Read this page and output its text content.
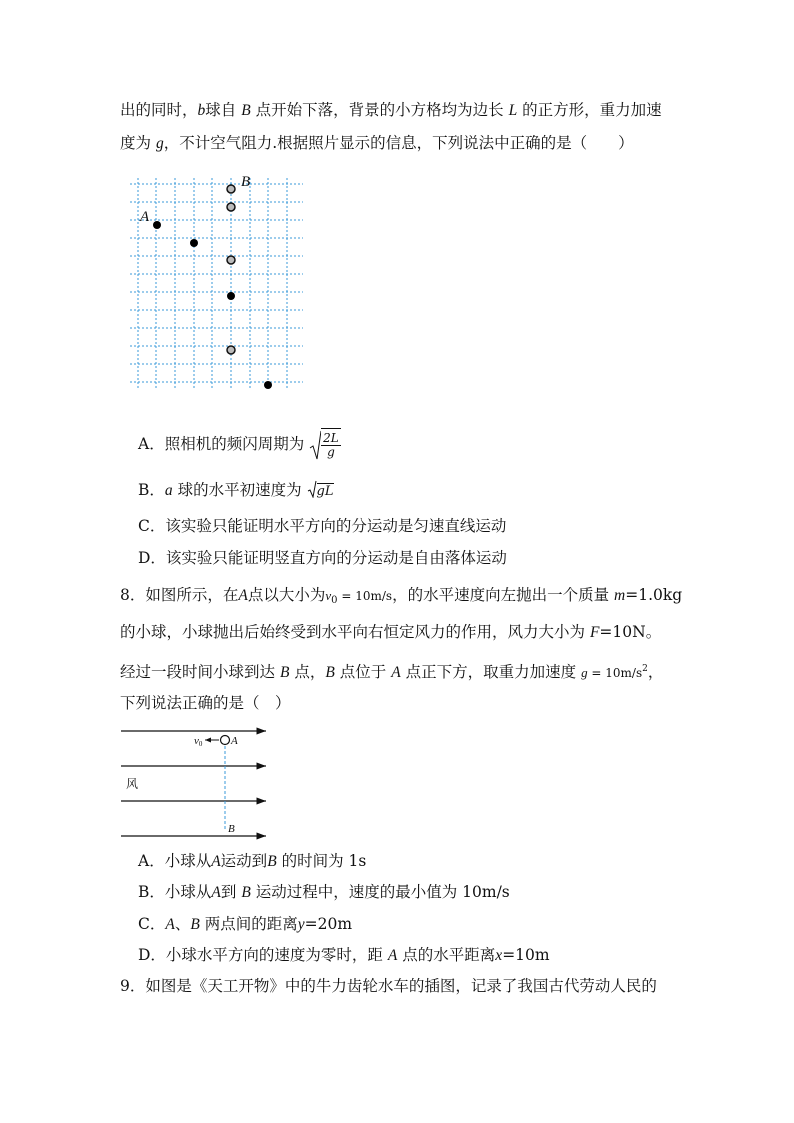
出的同时，b球自 B 点开始下落，背景的小方格均为边长 L 的正方形，重力加速
度为 g，不计空气阻力.根据照片显示的信息，下列说法中正确的是（　　）
B
A
A．照相机的频闪周期为 $\frac{2L}{g}$
B．a 球的水平初速度为 gL
C．该实验只能证明水平方向的分运动是匀速直线运动
D．该实验只能证明竖直方向的分运动是自由落体运动
8．如图所示，在A点以大小为$v_0 = 10m/s$，的水平速度向左抛出一个质量 m=1.0kg
的小球，小球抛出后始终受到水平向右恒定风力的作用，风力大小为 F=10N。
经过一段时间小球到达 B 点，B 点位于 A 点正下方，取重力加速度 $g = 10m/s^2$，
下列说法正确的是（　）
v0	A
风
B
A．小球从A运动到B 的时间为 1s
B．小球从A到 B 运动过程中，速度的最小值为 10m/s
C．A、B 两点间的距离y=20m
D．小球水平方向的速度为零时，距 A 点的水平距离x=10m
9．如图是《天工开物》中的牛力齿轮水车的插图，记录了我国古代劳动人民的
